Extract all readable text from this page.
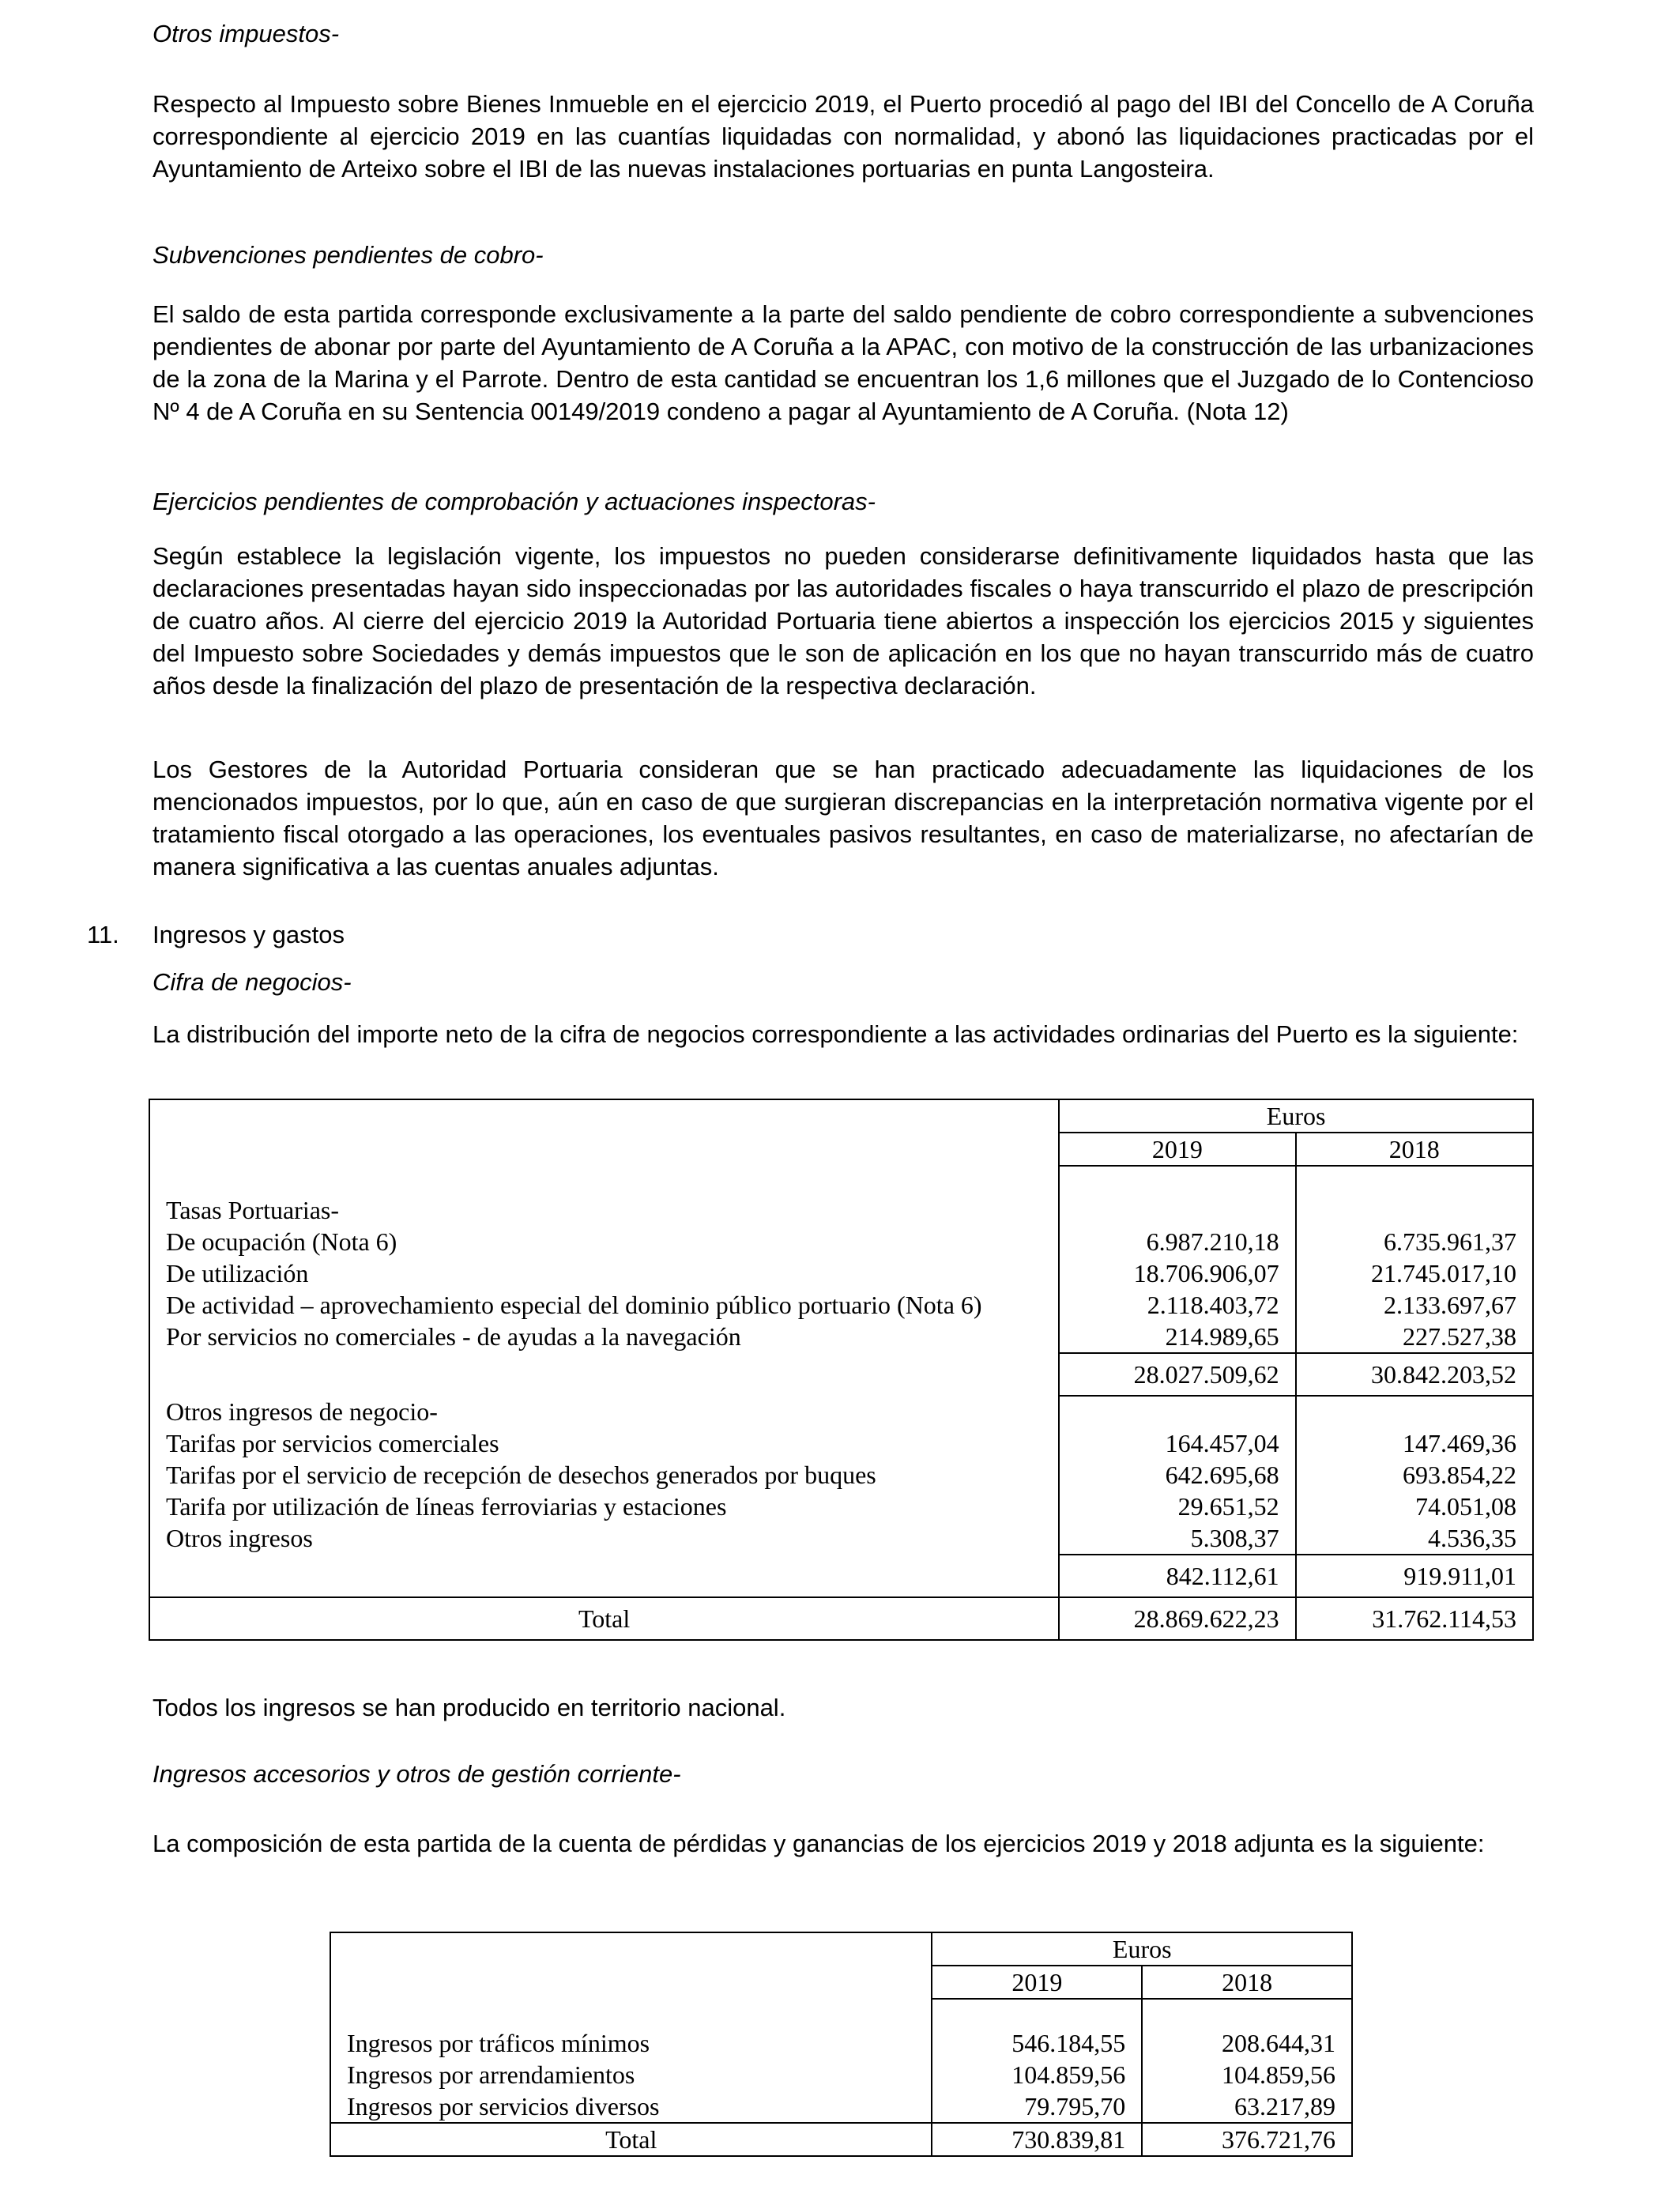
Otros impuestos-

Respecto al Impuesto sobre Bienes Inmueble en el ejercicio 2019, el Puerto procedió al pago del IBI del Concello de A Coruña correspondiente al ejercicio 2019 en las cuantías liquidadas con normalidad, y abonó las liquidaciones practicadas por el Ayuntamiento de Arteixo sobre el IBI de las nuevas instalaciones portuarias en punta Langosteira.

Subvenciones pendientes de cobro-

El saldo de esta partida corresponde exclusivamente a la parte del saldo pendiente de cobro correspondiente a subvenciones pendientes de abonar por parte del Ayuntamiento de A Coruña a la APAC, con motivo de la construcción de las urbanizaciones de la zona de la Marina y el Parrote. Dentro de esta cantidad se encuentran los 1,6 millones que el Juzgado de lo Contencioso Nº 4 de A Coruña en su Sentencia 00149/2019 condeno a pagar al Ayuntamiento de A Coruña. (Nota 12)

Ejercicios pendientes de comprobación y actuaciones inspectoras-

Según establece la legislación vigente, los impuestos no pueden considerarse definitivamente liquidados hasta que las declaraciones presentadas hayan sido inspeccionadas por las autoridades fiscales o haya transcurrido el plazo de prescripción de cuatro años. Al cierre del ejercicio 2019 la Autoridad Portuaria tiene abiertos a inspección los ejercicios 2015 y siguientes del Impuesto sobre Sociedades y demás impuestos que le son de aplicación en los que no hayan transcurrido más de cuatro años desde la finalización del plazo de presentación de la respectiva declaración.

Los Gestores de la Autoridad Portuaria consideran que se han practicado adecuadamente las liquidaciones de los mencionados impuestos, por lo que, aún en caso de que surgieran discrepancias en la interpretación normativa vigente por el tratamiento fiscal otorgado a las operaciones, los eventuales pasivos resultantes, en caso de materializarse, no afectarían de manera significativa a las cuentas anuales adjuntas.

11. Ingresos y gastos

Cifra de negocios-

La distribución del importe neto de la cifra de negocios correspondiente a las actividades ordinarias del Puerto es la siguiente:

	Euros	
	2019	2018

Tasas Portuarias-		
De ocupación (Nota 6)	6.987.210,18	6.735.961,37
De utilización	18.706.906,07	21.745.017,10
De actividad – aprovechamiento especial del dominio público portuario (Nota 6)	2.118.403,72	2.133.697,67
Por servicios no comerciales - de ayudas a la navegación	214.989,65	227.527,38
	28.027.509,62	30.842.203,52
Otros ingresos de negocio-		
Tarifas por servicios comerciales	164.457,04	147.469,36
Tarifas por el servicio de recepción de desechos generados por buques	642.695,68	693.854,22
Tarifa por utilización de líneas ferroviarias y estaciones	29.651,52	74.051,08
Otros ingresos	5.308,37	4.536,35
	842.112,61	919.911,01
Total	28.869.622,23	31.762.114,53

Todos los ingresos se han producido en territorio nacional.

Ingresos accesorios y otros de gestión corriente-

La composición de esta partida de la cuenta de pérdidas y ganancias de los ejercicios 2019 y 2018 adjunta es la siguiente:

	Euros	
	2019	2018

Ingresos por tráficos mínimos	546.184,55	208.644,31
Ingresos por arrendamientos	104.859,56	104.859,56
Ingresos por servicios diversos	79.795,70	63.217,89
Total	730.839,81	376.721,76
